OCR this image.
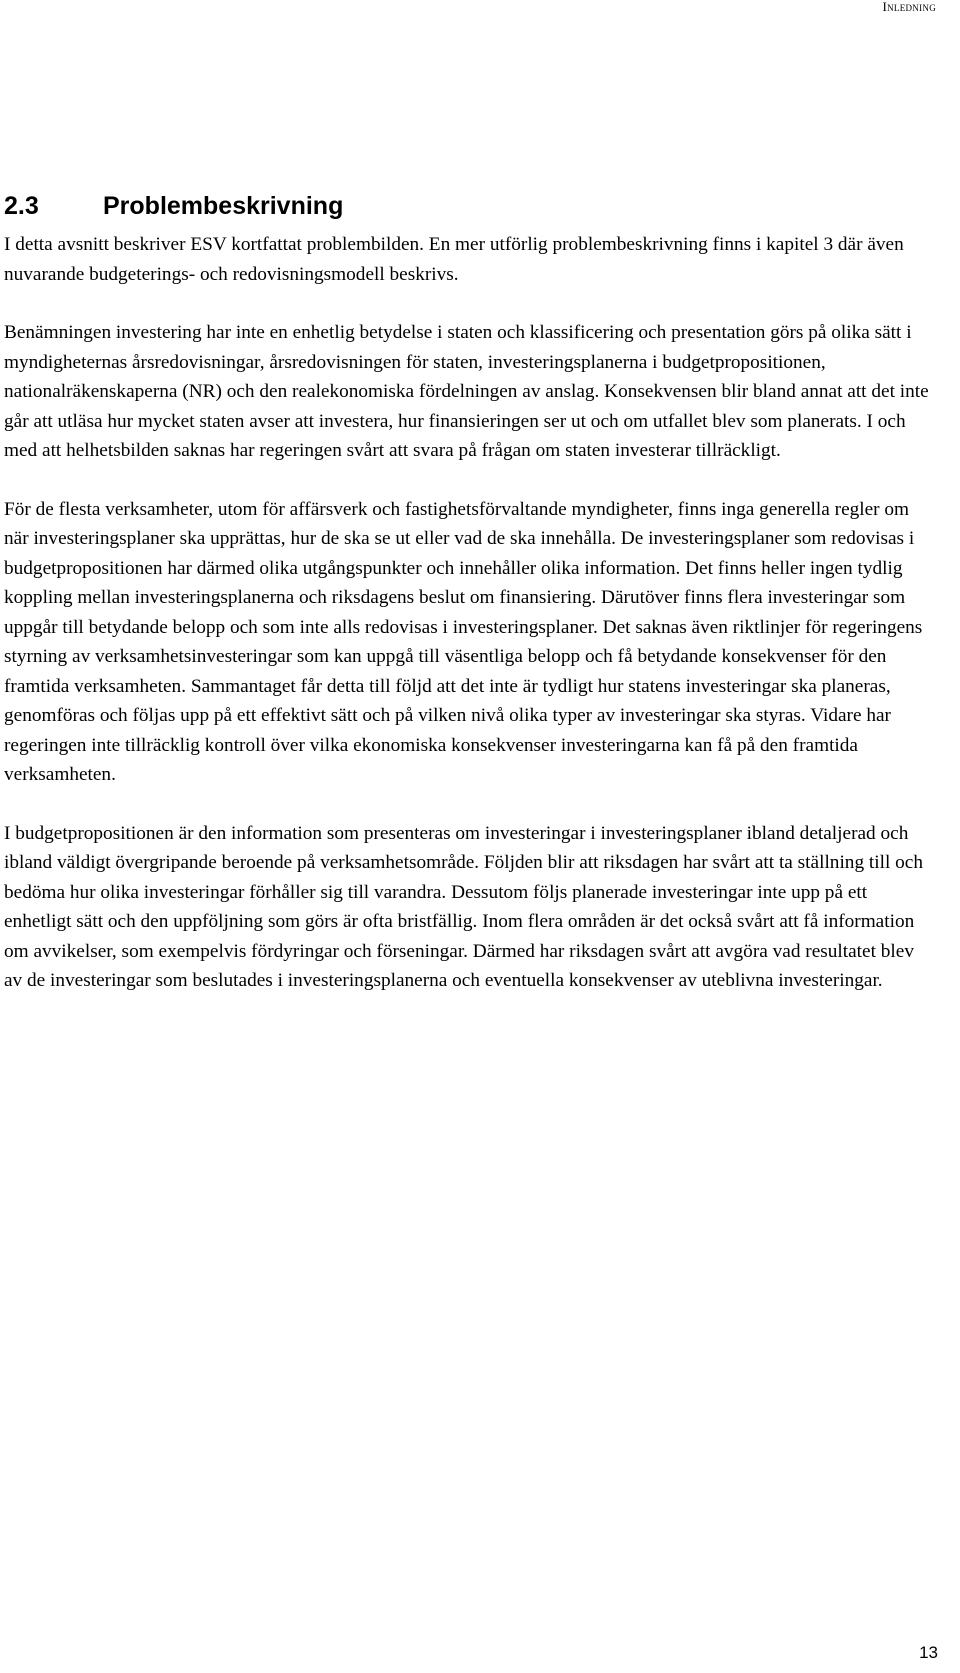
Inledning
2.3	Problembeskrivning

I detta avsnitt beskriver ESV kortfattat problembilden. En mer utförlig problembeskrivning finns i kapitel 3 där även nuvarande budgeterings- och redovisningsmodell beskrivs.

Benämningen investering har inte en enhetlig betydelse i staten och klassificering och presentation görs på olika sätt i myndigheternas årsredovisningar, årsredovisningen för staten, investeringsplanerna i budgetpropositionen, nationalräkenskaperna (NR) och den realekonomiska fördelningen av anslag. Konsekvensen blir bland annat att det inte går att utläsa hur mycket staten avser att investera, hur finansieringen ser ut och om utfallet blev som planerats. I och med att helhetsbilden saknas har regeringen svårt att svara på frågan om staten investerar tillräckligt.

För de flesta verksamheter, utom för affärsverk och fastighetsförvaltande myndigheter, finns inga generella regler om när investeringsplaner ska upprättas, hur de ska se ut eller vad de ska innehålla. De investeringsplaner som redovisas i budgetpropositionen har därmed olika utgångspunkter och innehåller olika information. Det finns heller ingen tydlig koppling mellan investeringsplanerna och riksdagens beslut om finansiering. Därutöver finns flera investeringar som uppgår till betydande belopp och som inte alls redovisas i investeringsplaner. Det saknas även riktlinjer för regeringens styrning av verksamhetsinvesteringar som kan uppgå till väsentliga belopp och få betydande konsekvenser för den framtida verksamheten. Sammantaget får detta till följd att det inte är tydligt hur statens investeringar ska planeras, genomföras och följas upp på ett effektivt sätt och på vilken nivå olika typer av investeringar ska styras. Vidare har regeringen inte tillräcklig kontroll över vilka ekonomiska konsekvenser investeringarna kan få på den framtida verksamheten.

I budgetpropositionen är den information som presenteras om investeringar i investeringsplaner ibland detaljerad och ibland väldigt övergripande beroende på verksamhetsområde. Följden blir att riksdagen har svårt att ta ställning till och bedöma hur olika investeringar förhåller sig till varandra. Dessutom följs planerade investeringar inte upp på ett enhetligt sätt och den uppföljning som görs är ofta bristfällig. Inom flera områden är det också svårt att få information om avvikelser, som exempelvis fördyringar och förseningar. Därmed har riksdagen svårt att avgöra vad resultatet blev av de investeringar som beslutades i investeringsplanerna och eventuella konsekvenser av uteblivna investeringar.

13
